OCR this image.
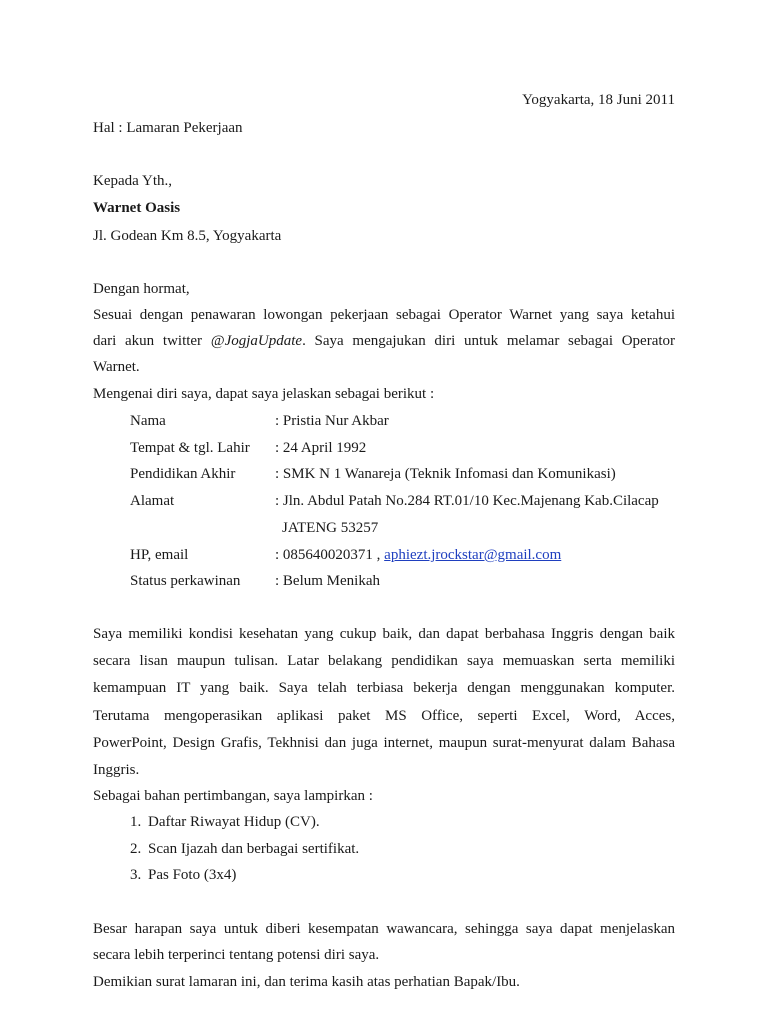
Yogyakarta, 18 Juni 2011
Hal : Lamaran Pekerjaan
Kepada Yth.,
Warnet Oasis
Jl. Godean Km 8.5, Yogyakarta
Dengan hormat,
Sesuai dengan penawaran lowongan pekerjaan sebagai Operator Warnet yang saya ketahui
dari akun twitter @JogjaUpdate. Saya mengajukan diri untuk melamar sebagai Operator
Warnet.
Mengenai diri saya, dapat saya jelaskan sebagai berikut :
Nama	: Pristia Nur Akbar
Tempat & tgl. Lahir : 24 April 1992
Pendidikan Akhir	: SMK N 1 Wanareja (Teknik Infomasi dan Komunikasi)
Alamat	: Jln. Abdul Patah No.284 RT.01/10 Kec.Majenang Kab.Cilacap
JATENG 53257
HP, email	: 085640020371 , aphiezt.jrockstar@gmail.com
Status perkawinan : Belum Menikah
Saya memiliki kondisi kesehatan yang cukup baik, dan dapat berbahasa Inggris dengan baik
secara lisan maupun tulisan. Latar belakang pendidikan saya memuaskan serta memiliki
kemampuan IT yang baik. Saya telah terbiasa bekerja dengan menggunakan komputer.
Terutama mengoperasikan aplikasi paket MS Office, seperti Excel, Word, Acces,
PowerPoint, Design Grafis, Tekhnisi dan juga internet, maupun surat-menyurat dalam Bahasa
Inggris.
Sebagai bahan pertimbangan, saya lampirkan :
1. Daftar Riwayat Hidup (CV).
2. Scan Ijazah dan berbagai sertifikat.
3. Pas Foto (3x4)
Besar harapan saya untuk diberi kesempatan wawancara, sehingga saya dapat menjelaskan
secara lebih terperinci tentang potensi diri saya.
Demikian surat lamaran ini, dan terima kasih atas perhatian Bapak/Ibu.
